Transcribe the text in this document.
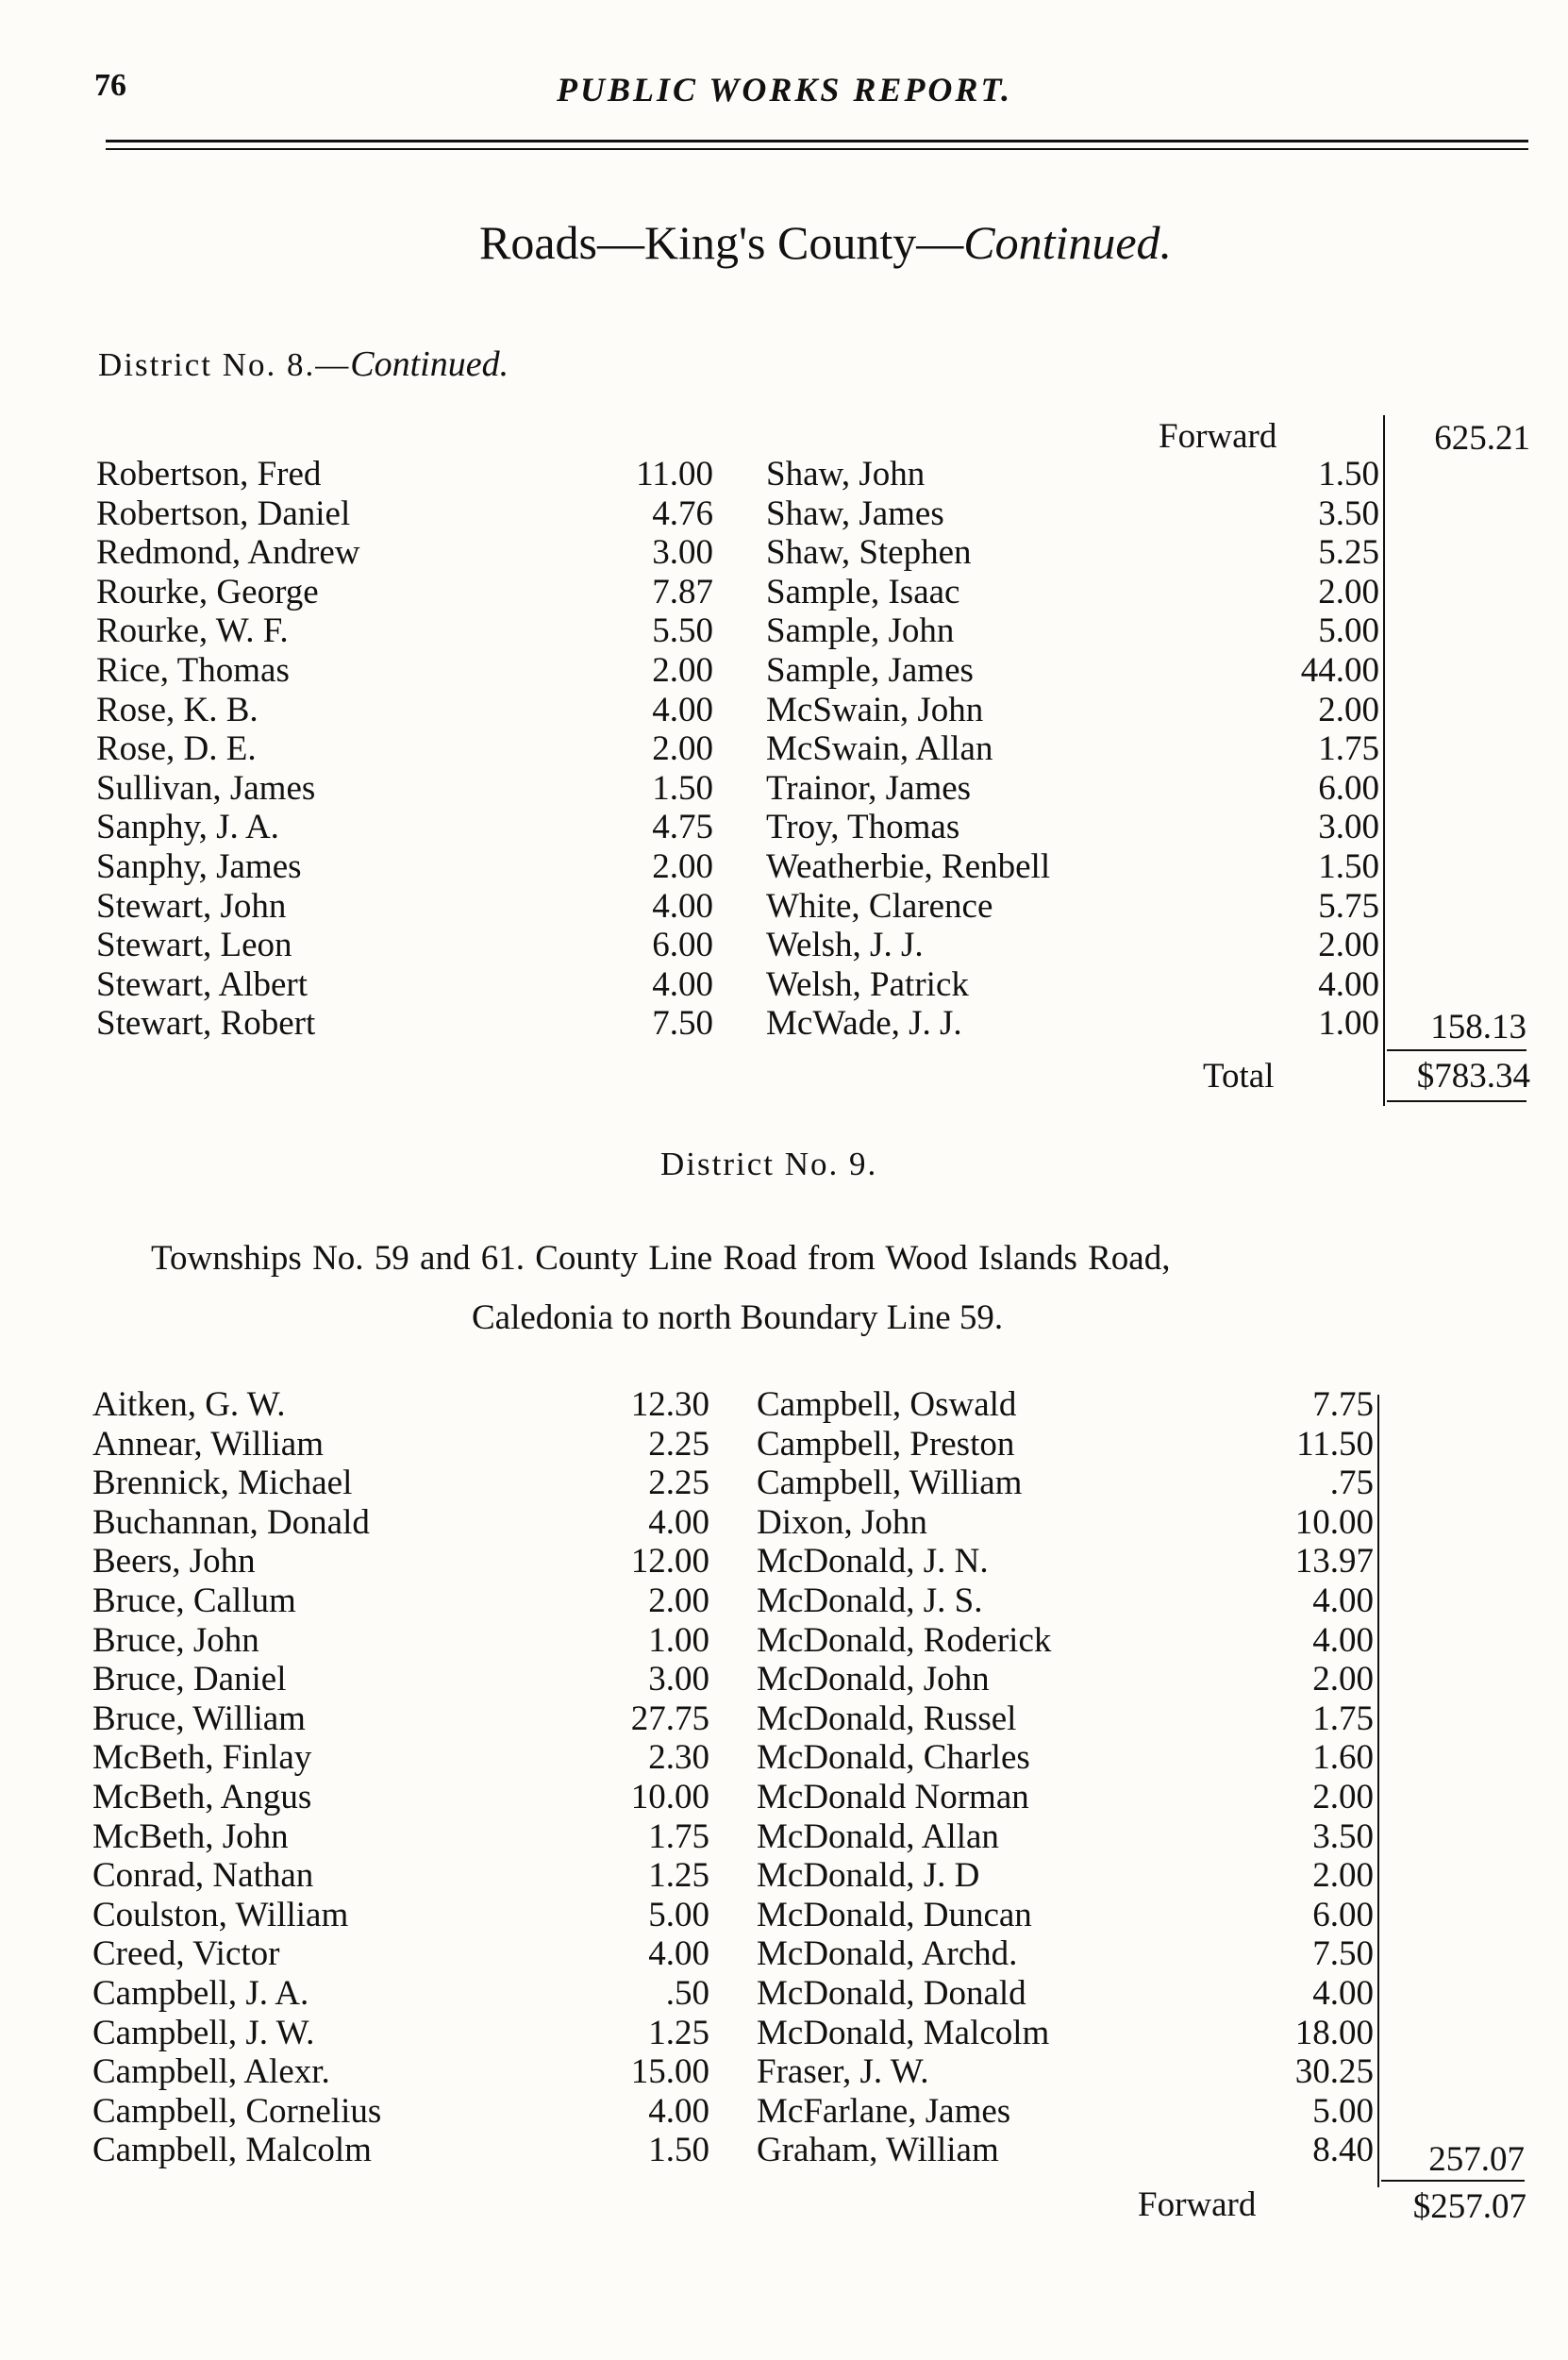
76	PUBLIC WORKS REPORT.
Roads—King's County—Continued.
District No. 8.—Continued.
Forward	625.21
Robertson, Fred	11.00
Robertson, Daniel	4.76
Redmond, Andrew	3.00
Rourke, George	7.87
Rourke, W. F.	5.50
Rice, Thomas	2.00
Rose, K. B.	4.00
Rose, D. E.	2.00
Sullivan, James	1.50
Sanphy, J. A.	4.75
Sanphy, James	2.00
Stewart, John	4.00
Stewart, Leon	6.00
Stewart, Albert	4.00
Stewart, Robert	7.50
Shaw, John	1.50
Shaw, James	3.50
Shaw, Stephen	5.25
Sample, Isaac	2.00
Sample, John	5.00
Sample, James	44.00
McSwain, John	2.00
McSwain, Allan	1.75
Trainor, James	6.00
Troy, Thomas	3.00
Weatherbie, Renbell	1.50
White, Clarence	5.75
Welsh, J. J.	2.00
Welsh, Patrick	4.00
McWade, J. J.	1.00	158.13
Total	$783.34
District No. 9.
Townships No. 59 and 61. County Line Road from Wood Islands Road,
Caledonia to north Boundary Line 59.
Aitken, G. W.	12.30
Annear, William	2.25
Brennick, Michael	2.25
Buchannan, Donald	4.00
Beers, John	12.00
Bruce, Callum	2.00
Bruce, John	1.00
Bruce, Daniel	3.00
Bruce, William	27.75
McBeth, Finlay	2.30
McBeth, Angus	10.00
McBeth, John	1.75
Conrad, Nathan	1.25
Coulston, William	5.00
Creed, Victor	4.00
Campbell, J. A.	.50
Campbell, J. W.	1.25
Campbell, Alexr.	15.00
Campbell, Cornelius	4.00
Campbell, Malcolm	1.50
Campbell, Oswald	7.75
Campbell, Preston	11.50
Campbell, William	.75
Dixon, John	10.00
McDonald, J. N.	13.97
McDonald, J. S.	4.00
McDonald, Roderick	4.00
McDonald, John	2.00
McDonald, Russel	1.75
McDonald, Charles	1.60
McDonald Norman	2.00
McDonald, Allan	3.50
McDonald, J. D	2.00
McDonald, Duncan	6.00
McDonald, Archd.	7.50
McDonald, Donald	4.00
McDonald, Malcolm	18.00
Fraser, J. W.	30.25
McFarlane, James	5.00
Graham, William	8.40	257.07
Forward	$257.07
